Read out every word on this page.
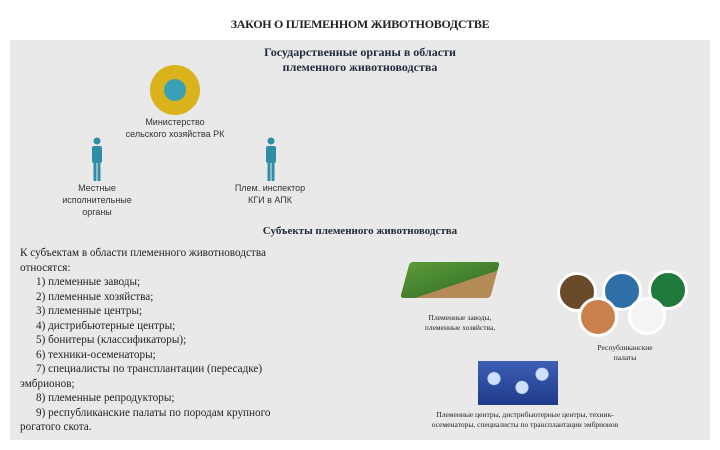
ЗАКОН О ПЛЕМЕННОМ ЖИВОТНОВОДСТВЕ
Государственные органы в области
племенного животноводства
Министерство
сельского хозяйства РК
Местные
исполнительные
органы
Плем. инспектор
КГИ в АПК
Субъекты племенного животноводства
К субъектам в области племенного животноводства
относятся:
1) племенные заводы;
2) племенные хозяйства;
3) племенные центры;
4) дистрибьютерные центры;
5) бонитеры (классификаторы);
6) техники-осеменаторы;
7) специалисты по трансплантации (пересадке)
эмбрионов;
8) племенные репродукторы;
9) республиканские палаты по породам крупного
рогатого скота.
Племенные заводы,
племенные хозяйства,
Республиканские
палаты
Племенные центры, дистрибьютерные центры, техник-
осеменаторы, специалисты по трансплантации эмбрионов
